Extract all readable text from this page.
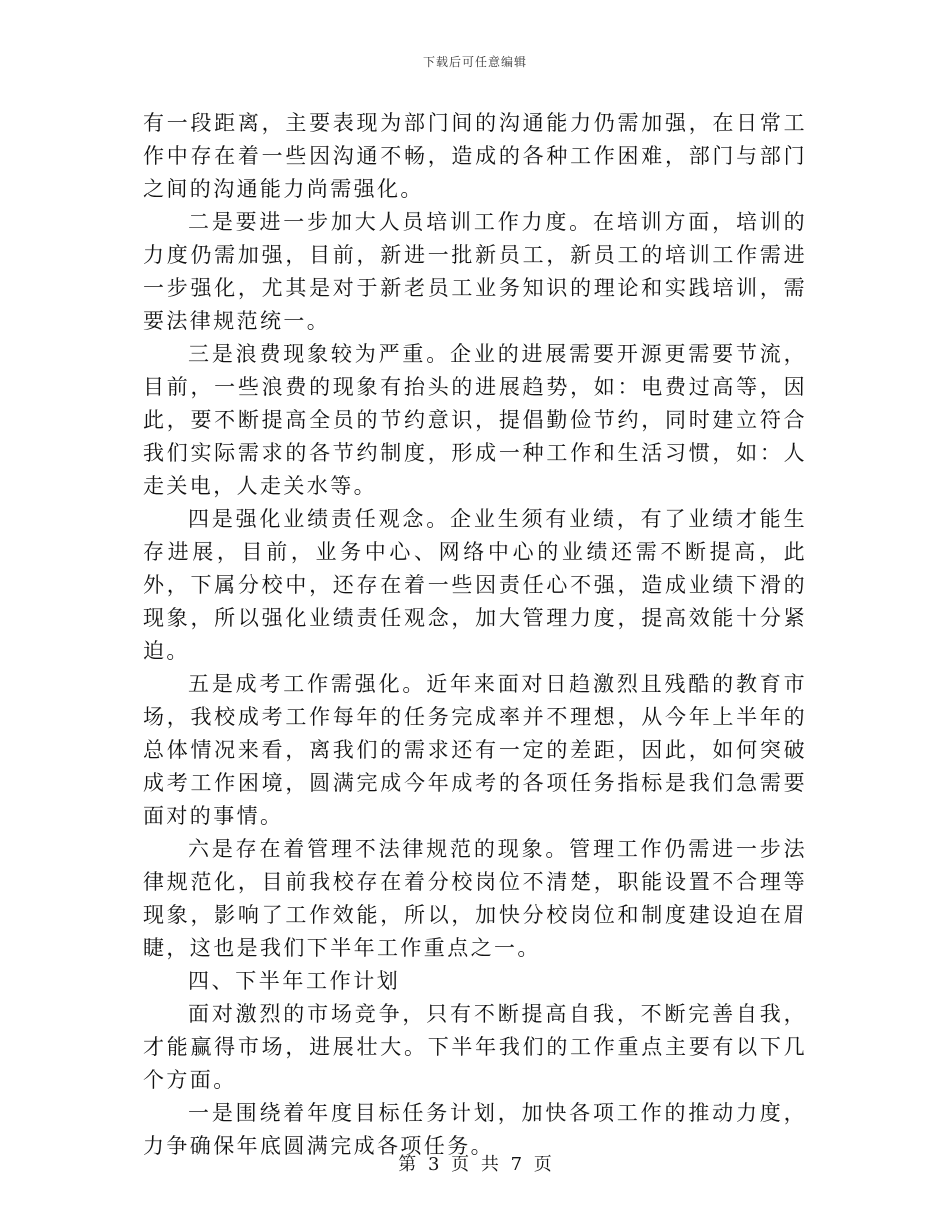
下载后可任意编辑

有一段距离，主要表现为部门间的沟通能力仍需加强，在日常工作中存在着一些因沟通不畅，造成的各种工作困难，部门与部门之间的沟通能力尚需强化。

二是要进一步加大人员培训工作力度。在培训方面，培训的力度仍需加强，目前，新进一批新员工，新员工的培训工作需进一步强化，尤其是对于新老员工业务知识的理论和实践培训，需要法律规范统一。

三是浪费现象较为严重。企业的进展需要开源更需要节流，目前，一些浪费的现象有抬头的进展趋势，如：电费过高等，因此，要不断提高全员的节约意识，提倡勤俭节约，同时建立符合我们实际需求的各节约制度，形成一种工作和生活习惯，如：人走关电，人走关水等。

四是强化业绩责任观念。企业生须有业绩，有了业绩才能生存进展，目前，业务中心、网络中心的业绩还需不断提高，此外，下属分校中，还存在着一些因责任心不强，造成业绩下滑的现象，所以强化业绩责任观念，加大管理力度，提高效能十分紧迫。

五是成考工作需强化。近年来面对日趋激烈且残酷的教育市场，我校成考工作每年的任务完成率并不理想，从今年上半年的总体情况来看，离我们的需求还有一定的差距，因此，如何突破成考工作困境，圆满完成今年成考的各项任务指标是我们急需要面对的事情。

六是存在着管理不法律规范的现象。管理工作仍需进一步法律规范化，目前我校存在着分校岗位不清楚，职能设置不合理等现象，影响了工作效能，所以，加快分校岗位和制度建设迫在眉睫，这也是我们下半年工作重点之一。

四、下半年工作计划

面对激烈的市场竞争，只有不断提高自我，不断完善自我，才能赢得市场，进展壮大。下半年我们的工作重点主要有以下几个方面。

一是围绕着年度目标任务计划，加快各项工作的推动力度，力争确保年底圆满完成各项任务。

第 3 页 共 7 页
